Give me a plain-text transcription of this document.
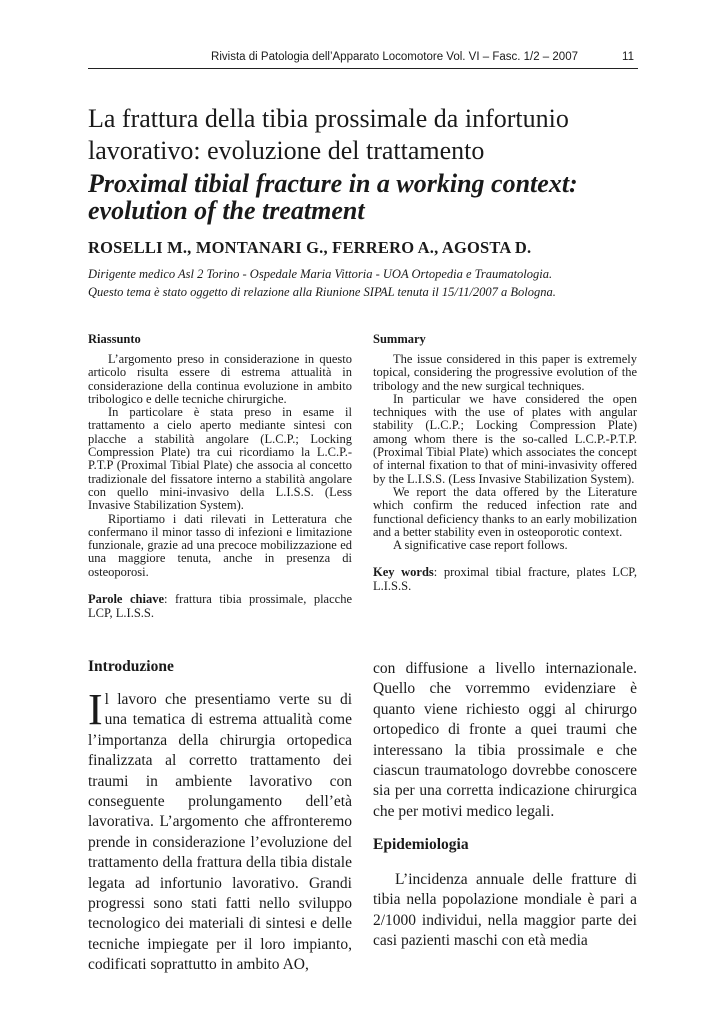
Rivista di Patologia dell’Apparato Locomotore Vol. VI – Fasc. 1/2 – 2007	11
La frattura della tibia prossimale da infortunio
lavorativo: evoluzione del trattamento
Proximal tibial fracture in a working context:
evolution of the treatment
ROSELLI M., MONTANARI G., FERRERO A., AGOSTA D.
Dirigente medico Asl 2 Torino - Ospedale Maria Vittoria - UOA Ortopedia e Traumatologia.
Questo tema è stato oggetto di relazione alla Riunione SIPAL tenuta il 15/11/2007 a Bologna.
Riassunto

L’argomento preso in considerazione in questo articolo risulta essere di estrema attualità in considerazione della continua evoluzione in ambito tribologico e delle tecniche chirurgiche.

In particolare è stata preso in esame il trattamento a cielo aperto mediante sintesi con placche a stabilità angolare (L.C.P.; Locking Compression Plate) tra cui ricordiamo la L.C.P.-P.T.P (Proximal Tibial Plate) che associa al concetto tradizionale del fissatore interno a stabilità angolare con quello mini-invasivo della L.I.S.S. (Less Invasive Stabilization System).

Riportiamo i dati rilevati in Letteratura che confermano il minor tasso di infezioni e limitazione funzionale, grazie ad una precoce mobilizzazione ed una maggiore tenuta, anche in presenza di osteoporosi.

Parole chiave: frattura tibia prossimale, placche LCP, L.I.S.S.

Summary

The issue considered in this paper is extremely topical, considering the progressive evolution of the tribology and the new surgical techniques.

In particular we have considered the open techniques with the use of plates with angular stability (L.C.P.; Locking Compression Plate) among whom there is the so-called L.C.P.-P.T.P. (Proximal Tibial Plate) which associates the concept of internal fixation to that of mini-invasivity offered by the L.I.S.S. (Less Invasive Stabilization System).

We report the data offered by the Literature which confirm the reduced infection rate and functional deficiency thanks to an early mobilization and a better stability even in osteoporotic context.

A significative case report follows.

Key words: proximal tibial fracture, plates LCP, L.I.S.S.

Introduzione
Il lavoro che presentiamo verte su di una tematica di estrema attualità come l’importanza della chirurgia ortopedica finalizzata al corretto trattamento dei traumi in ambiente lavorativo con conseguente prolungamento dell’età lavorativa. L’argomento che affronteremo prende in considerazione l’evoluzione del trattamento della frattura della tibia distale legata ad infortunio lavorativo. Grandi progressi sono stati fatti nello sviluppo tecnologico dei materiali di sintesi e delle tecniche impiegate per il loro impianto, codificati soprattutto in ambito AO,
con diffusione a livello internazionale. Quello che vorremmo evidenziare è quanto viene richiesto oggi al chirurgo ortopedico di fronte a quei traumi che interessano la tibia prossimale e che ciascun traumatologo dovrebbe conoscere sia per una corretta indicazione chirurgica che per motivi medico legali.
Epidemiologia
L’incidenza annuale delle fratture di tibia nella popolazione mondiale è pari a 2/1000 individui, nella maggior parte dei casi pazienti maschi con età media
